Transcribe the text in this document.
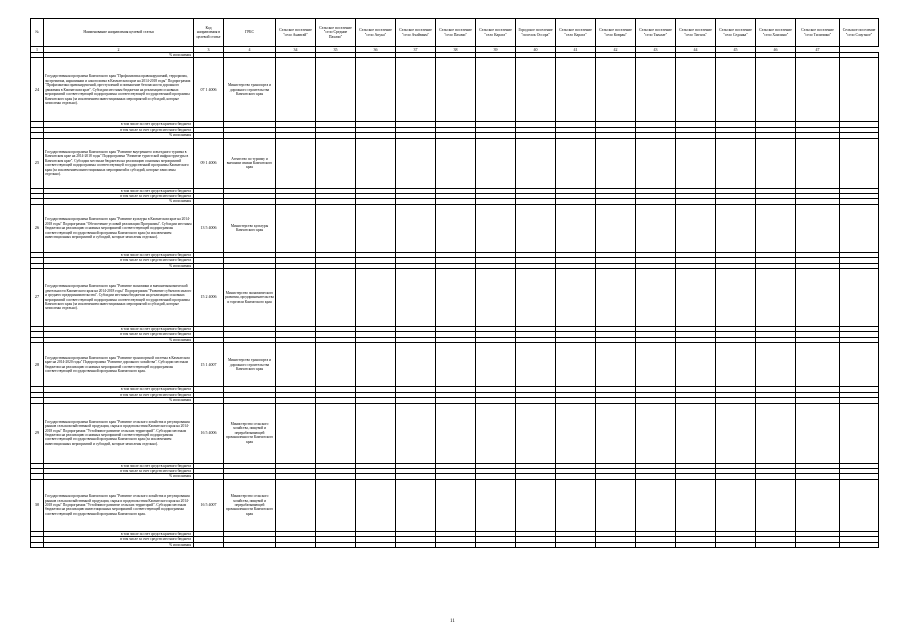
№	Наименование направления целевой статьи	Код направления в целевой статье	ГРБС	Сельское поселение "село Анавгай"	Сельское поселение "село Средние Пахачи"	Сельское поселение "село Апука"	Сельское поселение "село Ачайваям"	Сельское поселение "село Пахачи"	Сельское поселение "село Карага"	Городское поселение "поселок Оссора"	Сельское поселение "село Карага"	Сельское поселение "село Ковран"	Сельское поселение "село Тымлат"	Сельское поселение "село Тигиль"	Сельское поселение "село Седанка"	Сельское поселение "село Хаилино"	Сельское поселение "село Тиличики"	Сельское поселение "село Слаутное"
1	2	3	4	34	35	36	37	38	39	40	41	42	43	44	45	46	47	
	% исполнения																	
24	Государственная программа Камчатского края "Профилактика правонарушений, терроризма, экстремизма, наркомании и алкоголизма в Камчатском крае на 2014-2018 годы" Подпрограмма "Профилактика правонарушений, преступлений и повышение безопасности дорожного движения в Камчатском крае". Субсидии местным бюджетам на реализацию основных мероприятий соответствующей подпрограммы соответствующей государственной программы Камчатского края (за исключением инвестиционных мероприятий и субсидий, которые зачислены отдельно).	07 1 4006	Министерство транспорта и дорожного строительства Камчатского края															
	в том числе за счет средств краевого бюджета																	
	в том числе за счет средств местного бюджета																	
	% исполнения																	
25	Государственная программа Камчатского края "Развитие внутреннего и въездного туризма в Камчатском крае на 2014-2018 годы" Подпрограмма "Развитие туристской инфраструктуры в Камчатском крае". Субсидии местным бюджетам на реализацию основных мероприятий соответствующей подпрограммы соответствующей государственной программы Камчатского края (за исключением инвестиционных мероприятий и субсидий, которые зачислены отдельно).	09 1 4006	Агентство по туризму и внешним связям Камчатского края															
	в том числе за счет средств краевого бюджета																	
	в том числе за счет средств местного бюджета																	
	% исполнения																	
26	Государственная программа Камчатского края "Развитие культуры в Камчатском крае на 2014-2018 годы" Подпрограмма "Обеспечение условий реализации Программы". Субсидии местным бюджетам на реализацию основных мероприятий соответствующей подпрограммы соответствующей государственной программы Камчатского края (за исключением инвестиционных мероприятий и субсидий, которые зачислены отдельно).	13 5 4006	Министерство культуры Камчатского края															
	в том числе за счет средств краевого бюджета																	
	в том числе за счет средств местного бюджета																	
	% исполнения																	
27	Государственная программа Камчатского края "Развитие экономики и внешнеэкономической деятельности Камчатского края на 2014-2018 годы" Подпрограмма "Развитие субъектов малого и среднего предпринимательства". Субсидии местным бюджетам на реализацию основных мероприятий соответствующей подпрограммы соответствующей государственной программы Камчатского края (за исключением инвестиционных мероприятий и субсидий, которые зачислены отдельно).	15 2 4006	Министерство экономического развития, предпринимательства и торговли Камчатского края															
	в том числе за счет средств краевого бюджета																	
	в том числе за счет средств местного бюджета																	
	% исполнения																	
28	Государственная программа Камчатского края "Развитие транспортной системы в Камчатском крае на 2014-2020 годы" Подпрограмма "Развитие дорожного хозяйства". Субсидии местным бюджетам на реализацию основных мероприятий соответствующей подпрограммы соответствующей государственной программы Камчатского края.	15 1 4007	Министерство транспорта и дорожного строительства Камчатского края															
	в том числе за счет средств краевого бюджета																	
	в том числе за счет средств местного бюджета																	
	% исполнения																	
29	Государственная программа Камчатского края "Развитие сельского хозяйства и регулирования рынков сельскохозяйственной продукции, сырья и продовольствия Камчатского края на 2014-2018 годы" Подпрограмма "Устойчивое развитие сельских территорий". Субсидии местным бюджетам на реализацию основных мероприятий соответствующей подпрограммы соответствующей государственной программы Камчатского края (за исключением инвестиционных мероприятий и субсидий, которые зачислены отдельно).	16 5 4006	Министерство сельского хозяйства, пищевой и перерабатывающей промышленности Камчатского края															
	в том числе за счет средств краевого бюджета																	
	в том числе за счет средств местного бюджета																	
	% исполнения																	
30	Государственная программа Камчатского края "Развитие сельского хозяйства и регулирования рынков сельскохозяйственной продукции, сырья и продовольствия Камчатского края на 2014-2018 годы" Подпрограмма "Устойчивое развитие сельских территорий". Субсидии местным бюджетам на реализацию инвестиционных мероприятий соответствующей подпрограммы соответствующей государственной программы Камчатского края.	16 5 4007	Министерство сельского хозяйства, пищевой и перерабатывающей промышленности Камчатского края															
	в том числе за счет средств краевого бюджета																	
	в том числе за счет средств местного бюджета																	
	% исполнения																	
11
